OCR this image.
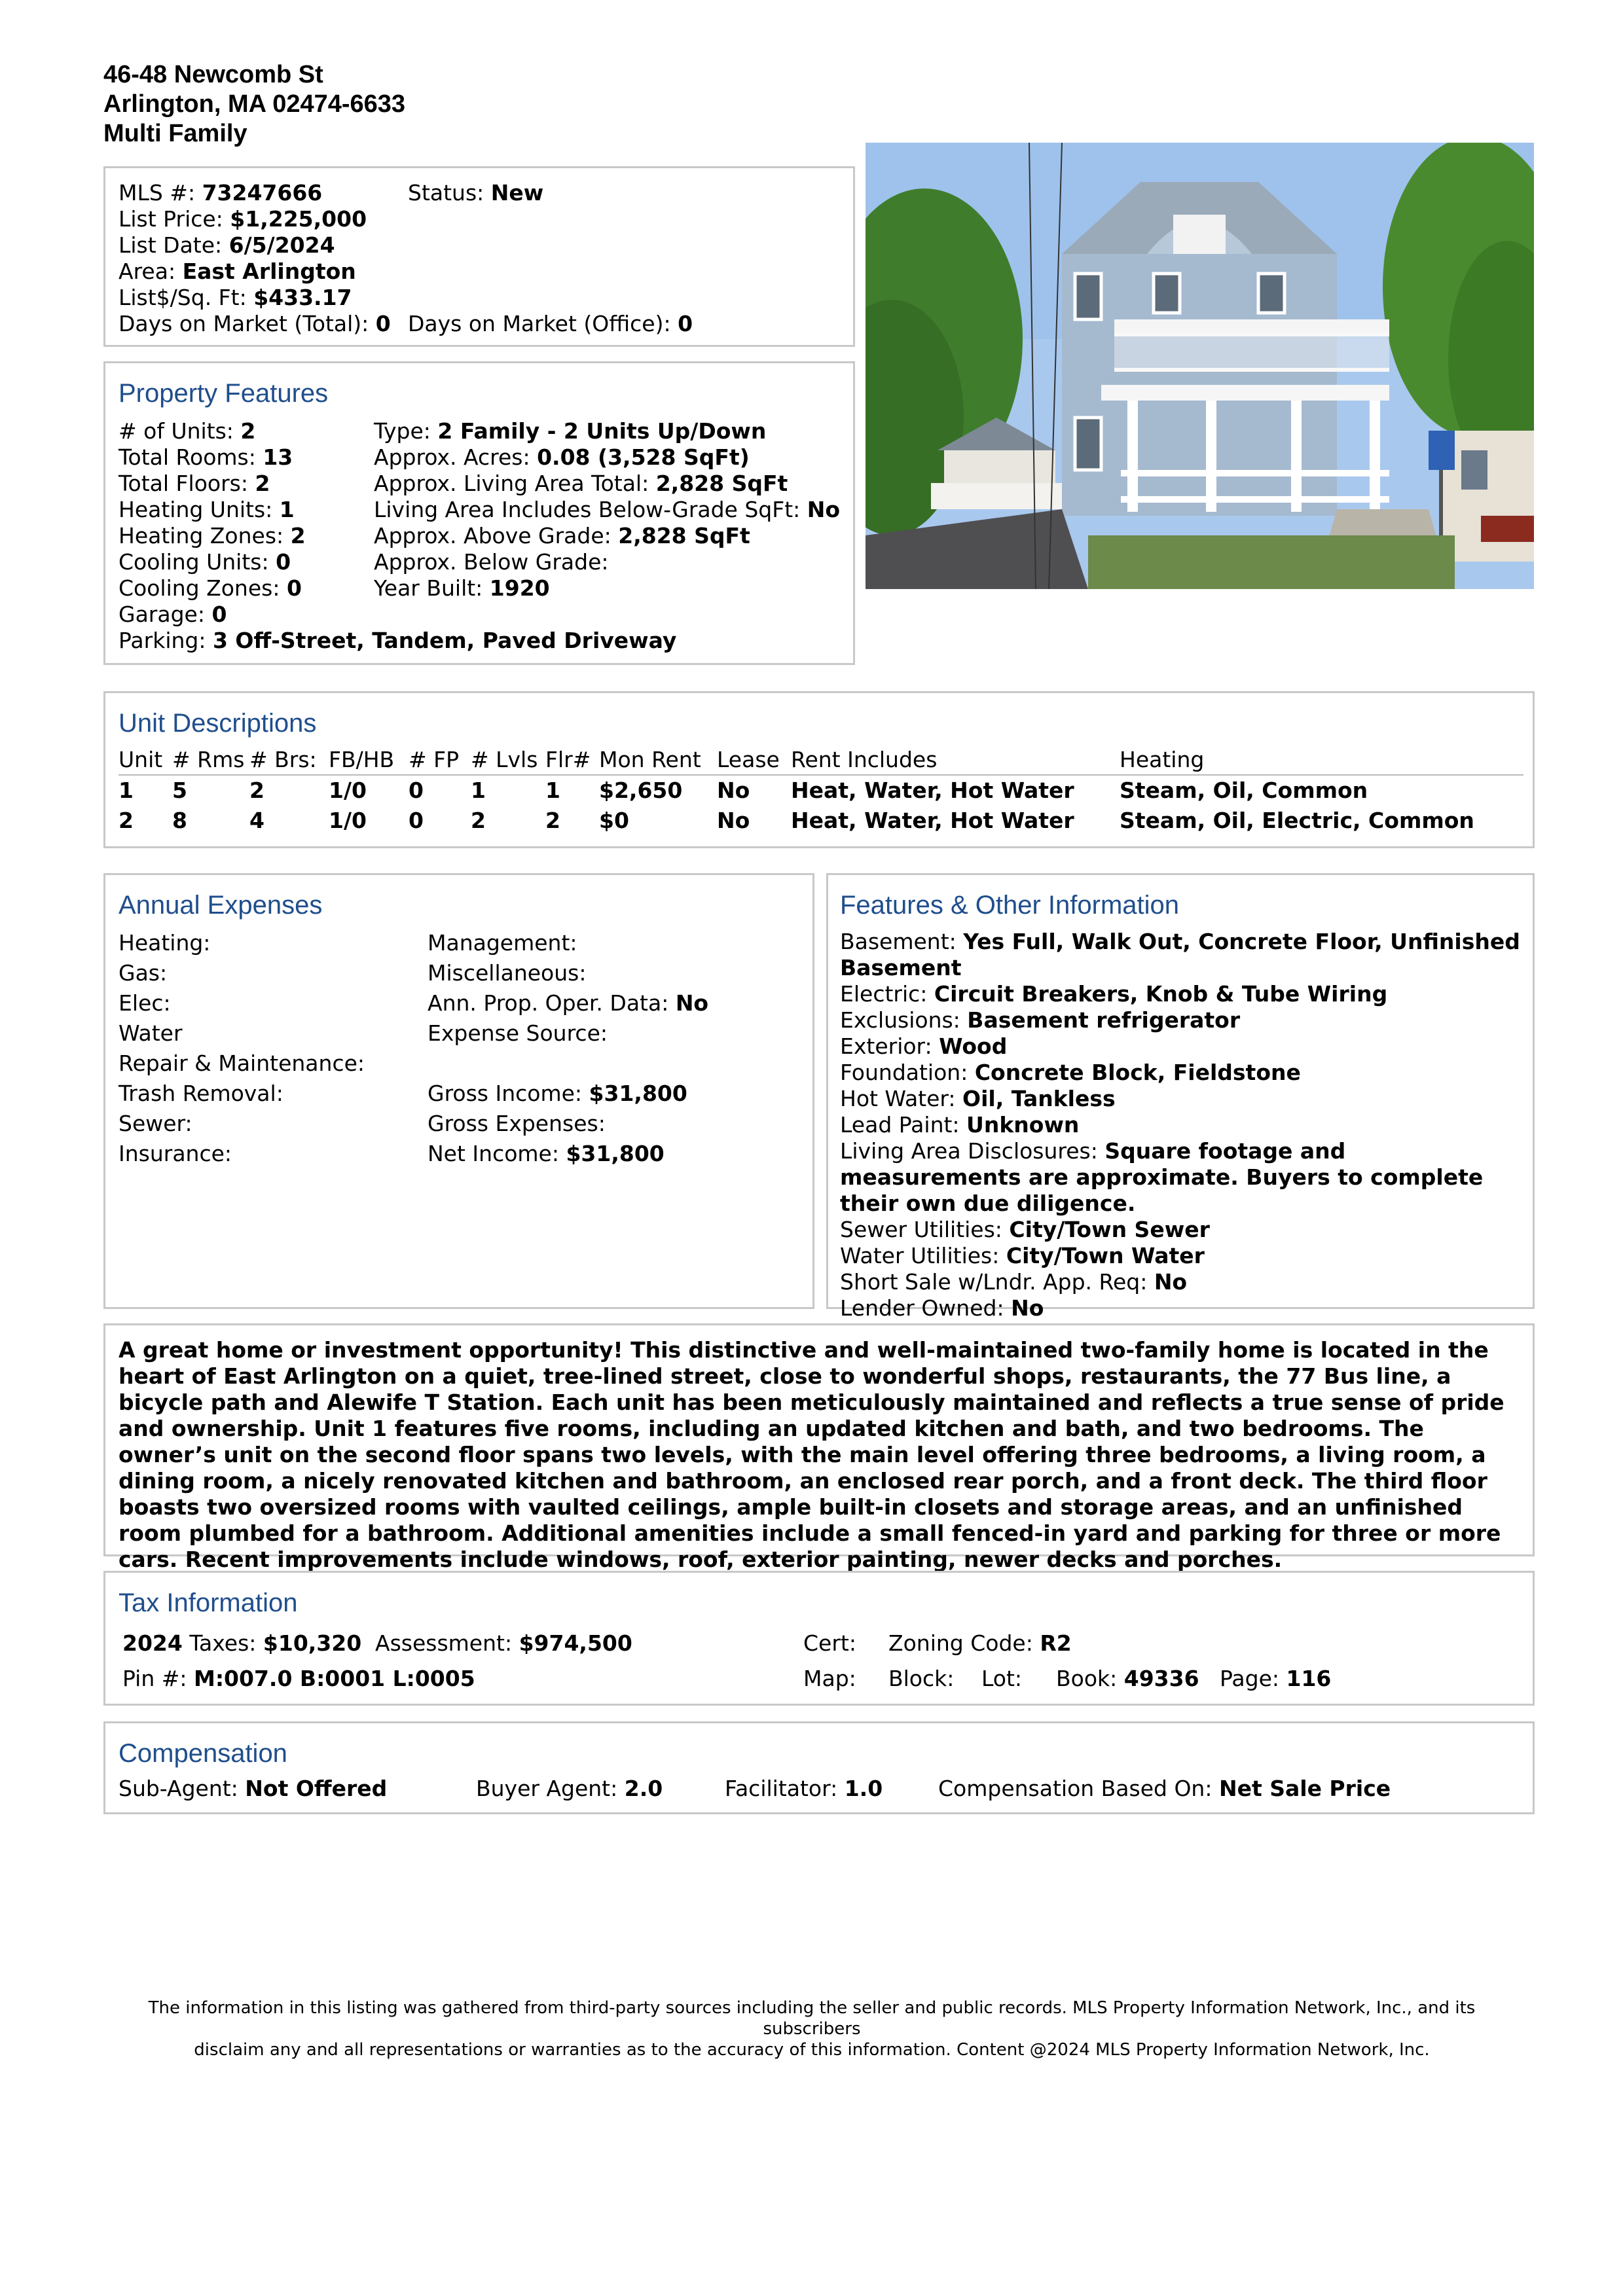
46-48 Newcomb St
Arlington, MA 02474-6633
Multi Family
MLS #: 73247666	Status: New
List Price: $1,225,000
List Date: 6/5/2024
Area: East Arlington
List$/Sq. Ft: $433.17
Days on Market (Total): 0 Days on Market (Office): 0
Property Features
# of Units: 2
Total Rooms: 13
Total Floors: 2
Heating Units: 1
Heating Zones: 2
Cooling Units: 0
Cooling Zones: 0
Garage: 0
Parking: 3 Off-Street, Tandem, Paved Driveway
Type: 2 Family - 2 Units Up/Down
Approx. Acres: 0.08 (3,528 SqFt)
Approx. Living Area Total: 2,828 SqFt
Living Area Includes Below-Grade SqFt: No
Approx. Above Grade: 2,828 SqFt
Approx. Below Grade:
Year Built: 1920
Unit Descriptions
Unit	# Rms	# Brs:	FB/HB	# FP	# Lvls	Flr#	Mon Rent	Lease	Rent Includes	Heating
1	5	2	1/0	0	1	1	$2,650	No	Heat, Water, Hot Water	Steam, Oil, Common
2	8	4	1/0	0	2	2	$0	No	Heat, Water, Hot Water	Steam, Oil, Electric, Common
Annual Expenses
Heating:
Gas:
Elec:
Water
Repair & Maintenance:
Trash Removal:
Sewer:
Insurance:
Management:
Miscellaneous:
Ann. Prop. Oper. Data: No
Expense Source:
Gross Income: $31,800
Gross Expenses:
Net Income: $31,800
Features & Other Information
Basement: Yes Full, Walk Out, Concrete Floor, Unfinished Basement
Electric: Circuit Breakers, Knob & Tube Wiring
Exclusions: Basement refrigerator
Exterior: Wood
Foundation: Concrete Block, Fieldstone
Hot Water: Oil, Tankless
Lead Paint: Unknown
Living Area Disclosures: Square footage and measurements are approximate. Buyers to complete their own due diligence.
Sewer Utilities: City/Town Sewer
Water Utilities: City/Town Water
Short Sale w/Lndr. App. Req: No
Lender Owned: No
A great home or investment opportunity! This distinctive and well-maintained two-family home is located in the heart of East Arlington on a quiet, tree-lined street, close to wonderful shops, restaurants, the 77 Bus line, a bicycle path and Alewife T Station. Each unit has been meticulously maintained and reflects a true sense of pride and ownership. Unit 1 features five rooms, including an updated kitchen and bath, and two bedrooms. The owner’s unit on the second floor spans two levels, with the main level offering three bedrooms, a living room, a dining room, a nicely renovated kitchen and bathroom, an enclosed rear porch, and a front deck. The third floor boasts two oversized rooms with vaulted ceilings, ample built-in closets and storage areas, and an unfinished room plumbed for a bathroom. Additional amenities include a small fenced-in yard and parking for three or more cars. Recent improvements include windows, roof, exterior painting, newer decks and porches.
Tax Information
2024 Taxes: $10,320 Assessment: $974,500	Cert: Zoning Code: R2
Pin #: M:007.0 B:0001 L:0005	Map: Block: Lot: Book: 49336 Page: 116
Compensation
Sub-Agent: Not Offered	Buyer Agent: 2.0	Facilitator: 1.0	Compensation Based On: Net Sale Price
The information in this listing was gathered from third-party sources including the seller and public records. MLS Property Information Network, Inc., and its subscribers
disclaim any and all representations or warranties as to the accuracy of this information. Content @2024 MLS Property Information Network, Inc.
